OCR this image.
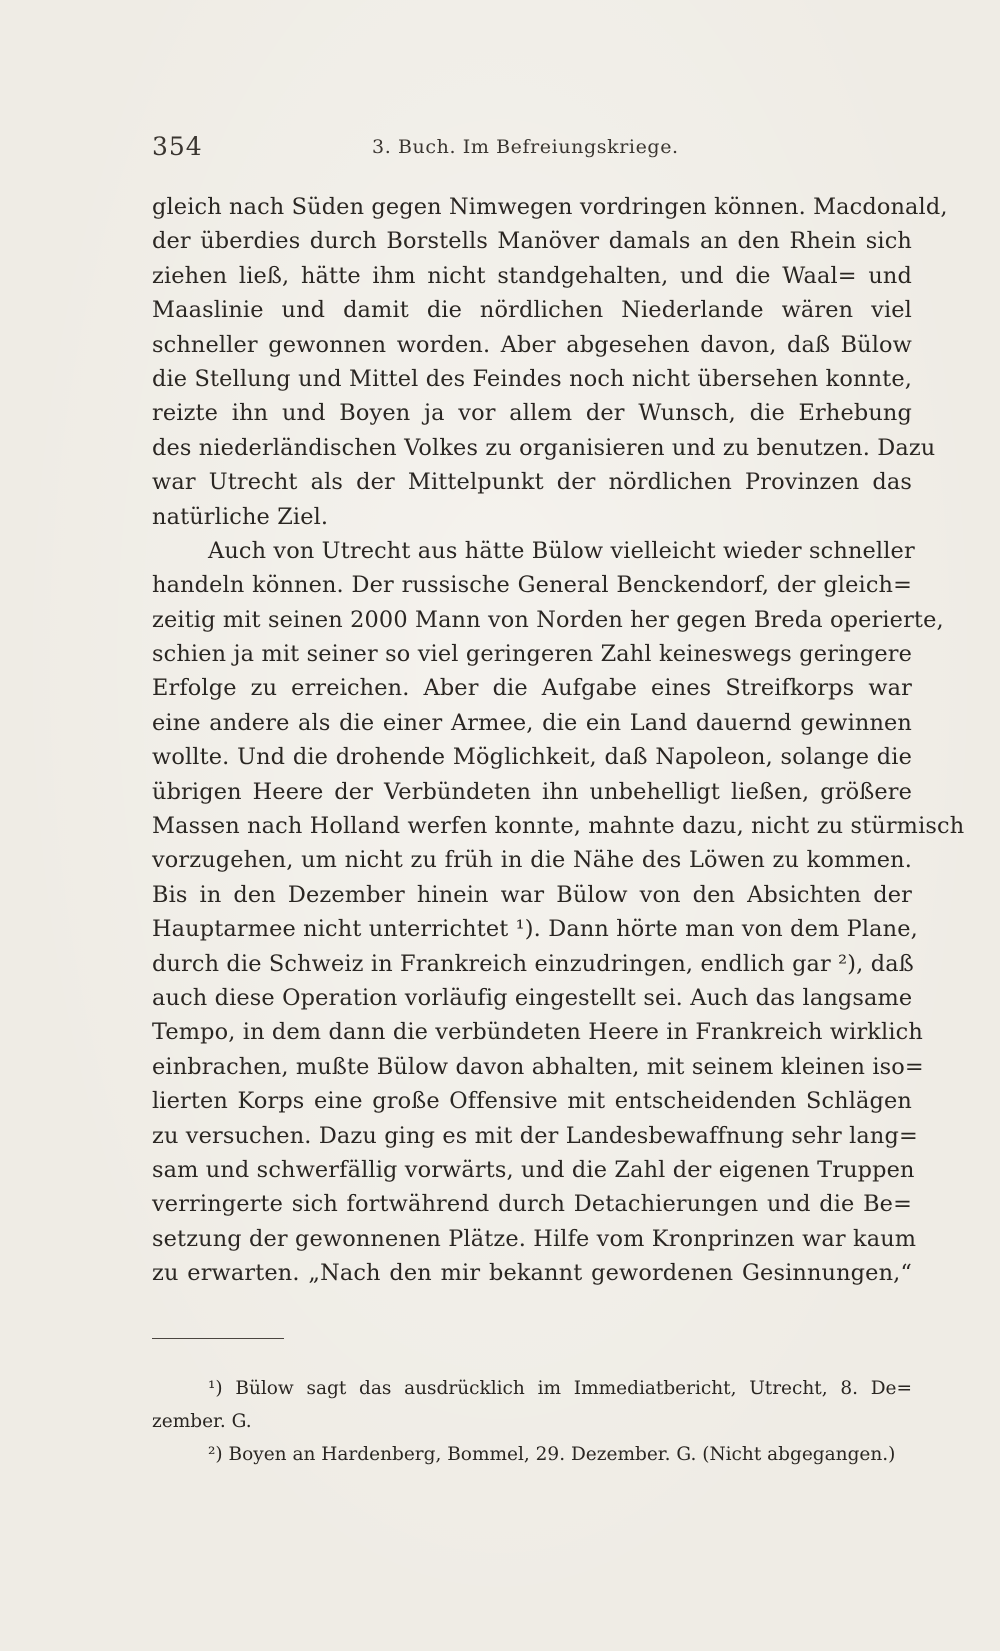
354	3. Buch. Im Befreiungskriege.
gleich nach Süden gegen Nimwegen vordringen können. Macdonald,
der überdies durch Borstells Manöver damals an den Rhein sich
ziehen ließ, hätte ihm nicht standgehalten, und die Waal= und
Maaslinie und damit die nördlichen Niederlande wären viel
schneller gewonnen worden. Aber abgesehen davon, daß Bülow
die Stellung und Mittel des Feindes noch nicht übersehen konnte,
reizte ihn und Boyen ja vor allem der Wunsch, die Erhebung
des niederländischen Volkes zu organisieren und zu benutzen. Dazu
war Utrecht als der Mittelpunkt der nördlichen Provinzen das
natürliche Ziel.
Auch von Utrecht aus hätte Bülow vielleicht wieder schneller
handeln können. Der russische General Benckendorf, der gleich=
zeitig mit seinen 2000 Mann von Norden her gegen Breda operierte,
schien ja mit seiner so viel geringeren Zahl keineswegs geringere
Erfolge zu erreichen. Aber die Aufgabe eines Streifkorps war
eine andere als die einer Armee, die ein Land dauernd gewinnen
wollte. Und die drohende Möglichkeit, daß Napoleon, solange die
übrigen Heere der Verbündeten ihn unbehelligt ließen, größere
Massen nach Holland werfen konnte, mahnte dazu, nicht zu stürmisch
vorzugehen, um nicht zu früh in die Nähe des Löwen zu kommen.
Bis in den Dezember hinein war Bülow von den Absichten der
Hauptarmee nicht unterrichtet ¹). Dann hörte man von dem Plane,
durch die Schweiz in Frankreich einzudringen, endlich gar ²), daß
auch diese Operation vorläufig eingestellt sei. Auch das langsame
Tempo, in dem dann die verbündeten Heere in Frankreich wirklich
einbrachen, mußte Bülow davon abhalten, mit seinem kleinen iso=
lierten Korps eine große Offensive mit entscheidenden Schlägen
zu versuchen. Dazu ging es mit der Landesbewaffnung sehr lang=
sam und schwerfällig vorwärts, und die Zahl der eigenen Truppen
verringerte sich fortwährend durch Detachierungen und die Be=
setzung der gewonnenen Plätze. Hilfe vom Kronprinzen war kaum
zu erwarten. „Nach den mir bekannt gewordenen Gesinnungen,“
¹) Bülow sagt das ausdrücklich im Immediatbericht, Utrecht, 8. De=
zember. G.
²) Boyen an Hardenberg, Bommel, 29. Dezember. G. (Nicht abgegangen.)
